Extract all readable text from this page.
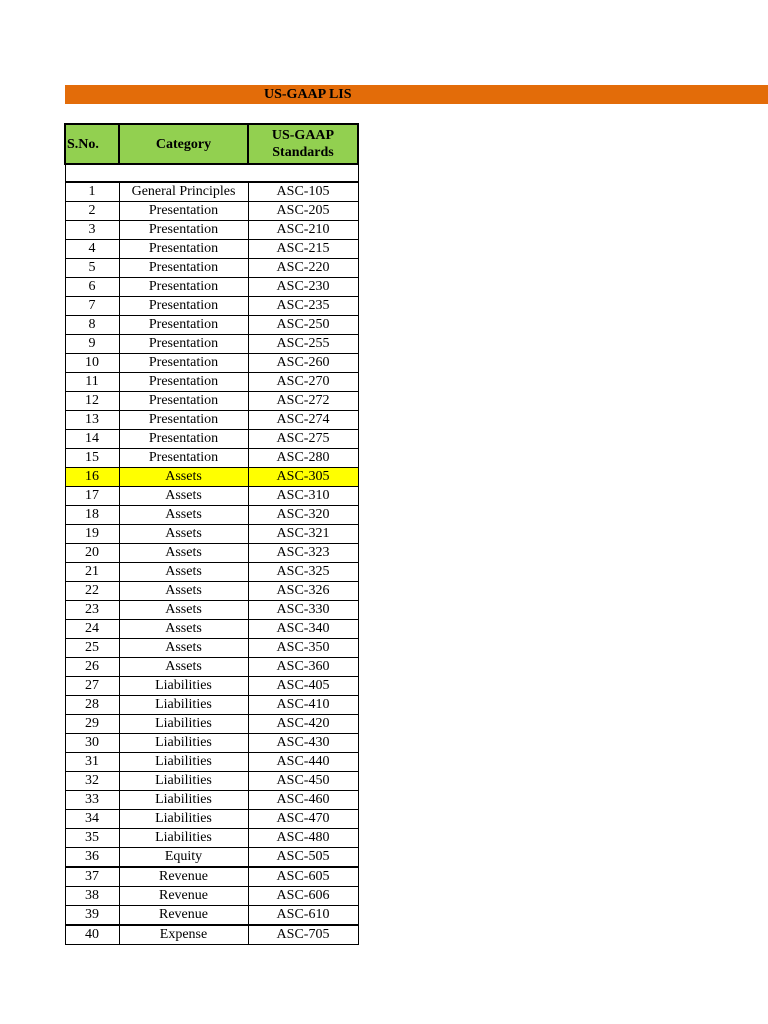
US-GAAP LIS
S.No.	Category	US-GAAP
Standards

1	General Principles	ASC-105
2	Presentation	ASC-205
3	Presentation	ASC-210
4	Presentation	ASC-215
5	Presentation	ASC-220
6	Presentation	ASC-230
7	Presentation	ASC-235
8	Presentation	ASC-250
9	Presentation	ASC-255
10	Presentation	ASC-260
11	Presentation	ASC-270
12	Presentation	ASC-272
13	Presentation	ASC-274
14	Presentation	ASC-275
15	Presentation	ASC-280
16	Assets	ASC-305
17	Assets	ASC-310
18	Assets	ASC-320
19	Assets	ASC-321
20	Assets	ASC-323
21	Assets	ASC-325
22	Assets	ASC-326
23	Assets	ASC-330
24	Assets	ASC-340
25	Assets	ASC-350
26	Assets	ASC-360
27	Liabilities	ASC-405
28	Liabilities	ASC-410
29	Liabilities	ASC-420
30	Liabilities	ASC-430
31	Liabilities	ASC-440
32	Liabilities	ASC-450
33	Liabilities	ASC-460
34	Liabilities	ASC-470
35	Liabilities	ASC-480
36	Equity	ASC-505
37	Revenue	ASC-605
38	Revenue	ASC-606
39	Revenue	ASC-610
40	Expense	ASC-705
